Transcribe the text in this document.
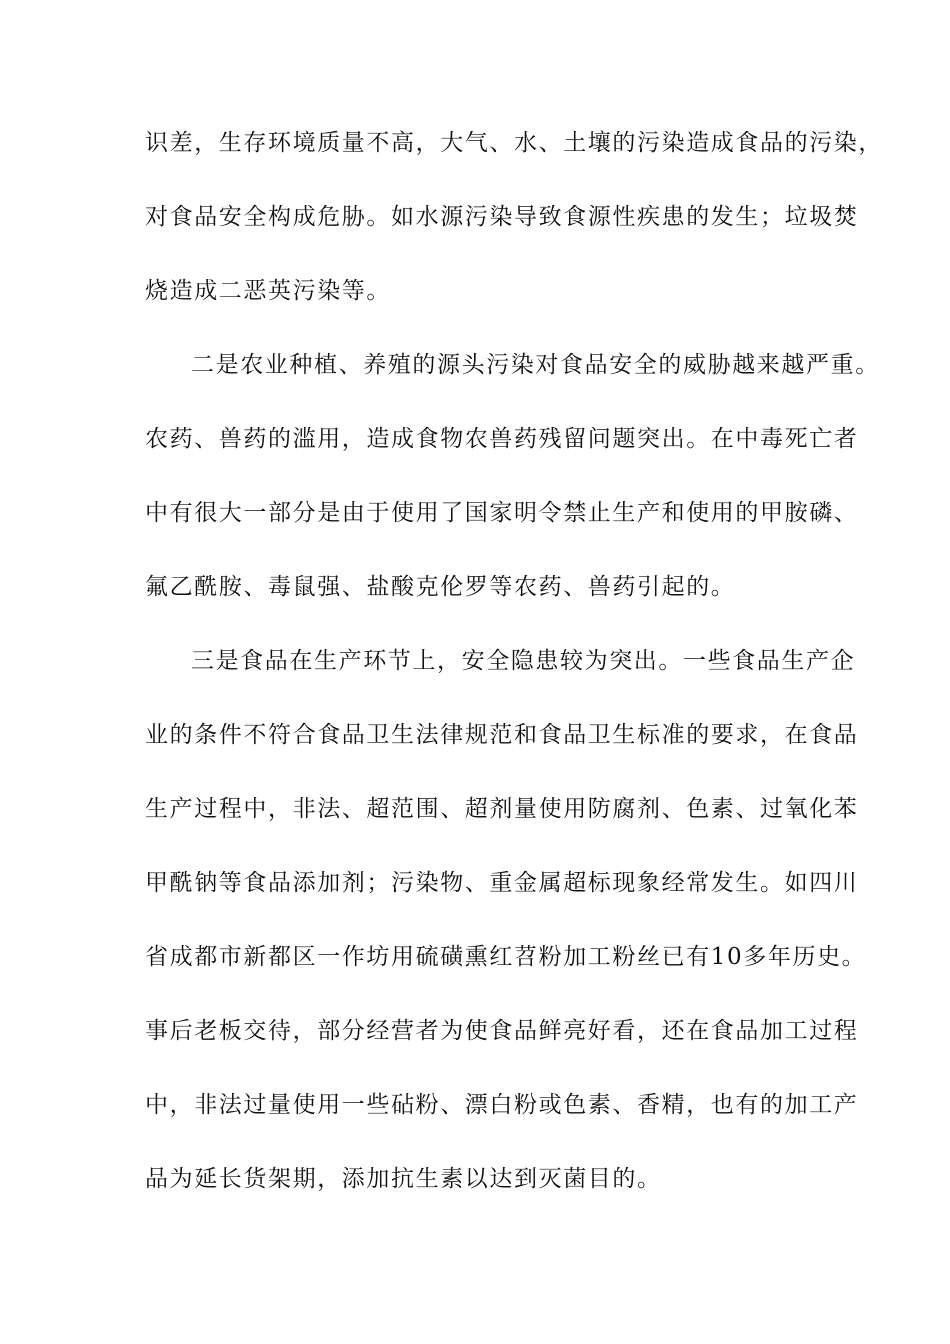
识差，生存环境质量不高，大气、水、土壤的污染造成食品的污染，
对食品安全构成危胁。如水源污染导致食源性疾患的发生；垃圾焚
烧造成二恶英污染等。
二是农业种植、养殖的源头污染对食品安全的威胁越来越严重。
农药、兽药的滥用，造成食物农兽药残留问题突出。在中毒死亡者
中有很大一部分是由于使用了国家明令禁止生产和使用的甲胺磷、
氟乙酰胺、毒鼠强、盐酸克伦罗等农药、兽药引起的。
三是食品在生产环节上，安全隐患较为突出。一些食品生产企
业的条件不符合食品卫生法律规范和食品卫生标准的要求，在食品
生产过程中，非法、超范围、超剂量使用防腐剂、色素、过氧化苯
甲酰钠等食品添加剂；污染物、重金属超标现象经常发生。如四川
省成都市新都区一作坊用硫磺熏红苕粉加工粉丝已有10多年历史。
事后老板交待，部分经营者为使食品鲜亮好看，还在食品加工过程
中，非法过量使用一些砧粉、漂白粉或色素、香精，也有的加工产
品为延长货架期，添加抗生素以达到灭菌目的。
